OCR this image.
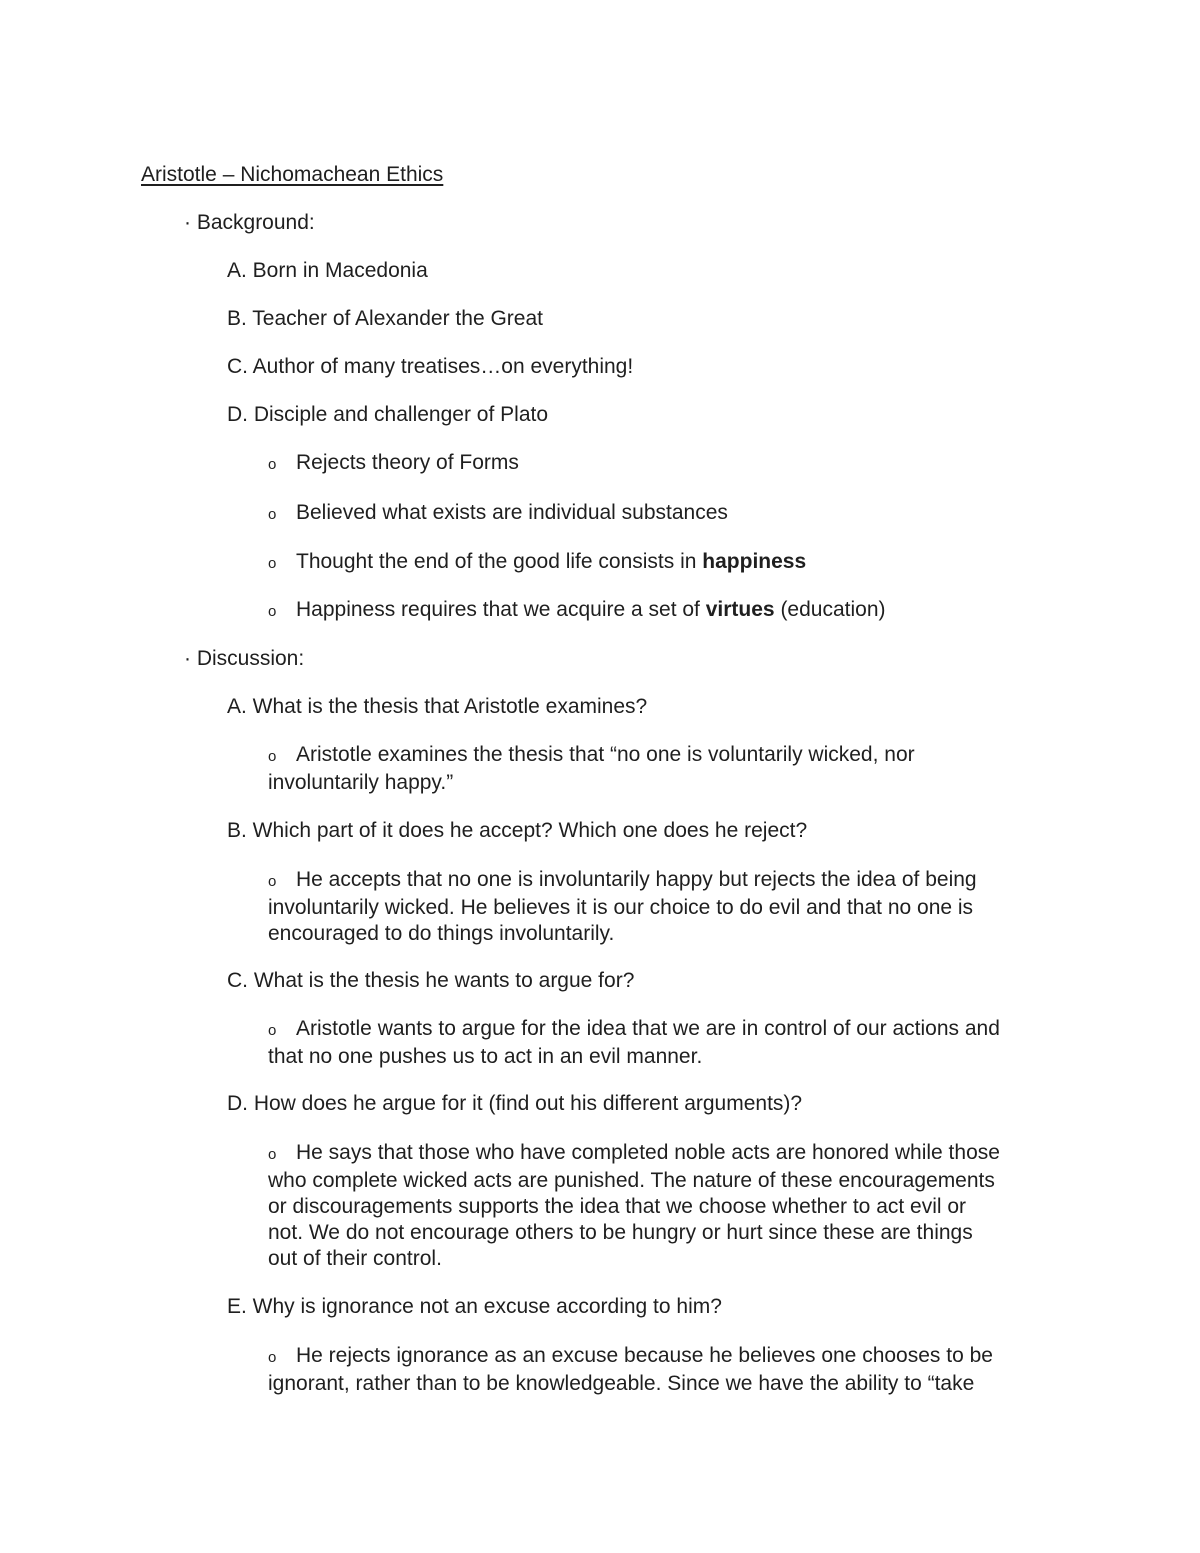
Aristotle – Nichomachean Ethics
· Background:
A. Born in Macedonia
B. Teacher of Alexander the Great
C. Author of many treatises…on everything!
D. Disciple and challenger of Plato
o Rejects theory of Forms
o Believed what exists are individual substances
o Thought the end of the good life consists in happiness
o Happiness requires that we acquire a set of virtues (education)
· Discussion:
A. What is the thesis that Aristotle examines?
o Aristotle examines the thesis that “no one is voluntarily wicked, nor
involuntarily happy.”
B. Which part of it does he accept? Which one does he reject?
o He accepts that no one is involuntarily happy but rejects the idea of being
involuntarily wicked. He believes it is our choice to do evil and that no one is
encouraged to do things involuntarily.
C. What is the thesis he wants to argue for?
o Aristotle wants to argue for the idea that we are in control of our actions and
that no one pushes us to act in an evil manner.
D. How does he argue for it (find out his different arguments)?
o He says that those who have completed noble acts are honored while those
who complete wicked acts are punished. The nature of these encouragements
or discouragements supports the idea that we choose whether to act evil or
not. We do not encourage others to be hungry or hurt since these are things
out of their control.
E. Why is ignorance not an excuse according to him?
o He rejects ignorance as an excuse because he believes one chooses to be
ignorant, rather than to be knowledgeable. Since we have the ability to “take
